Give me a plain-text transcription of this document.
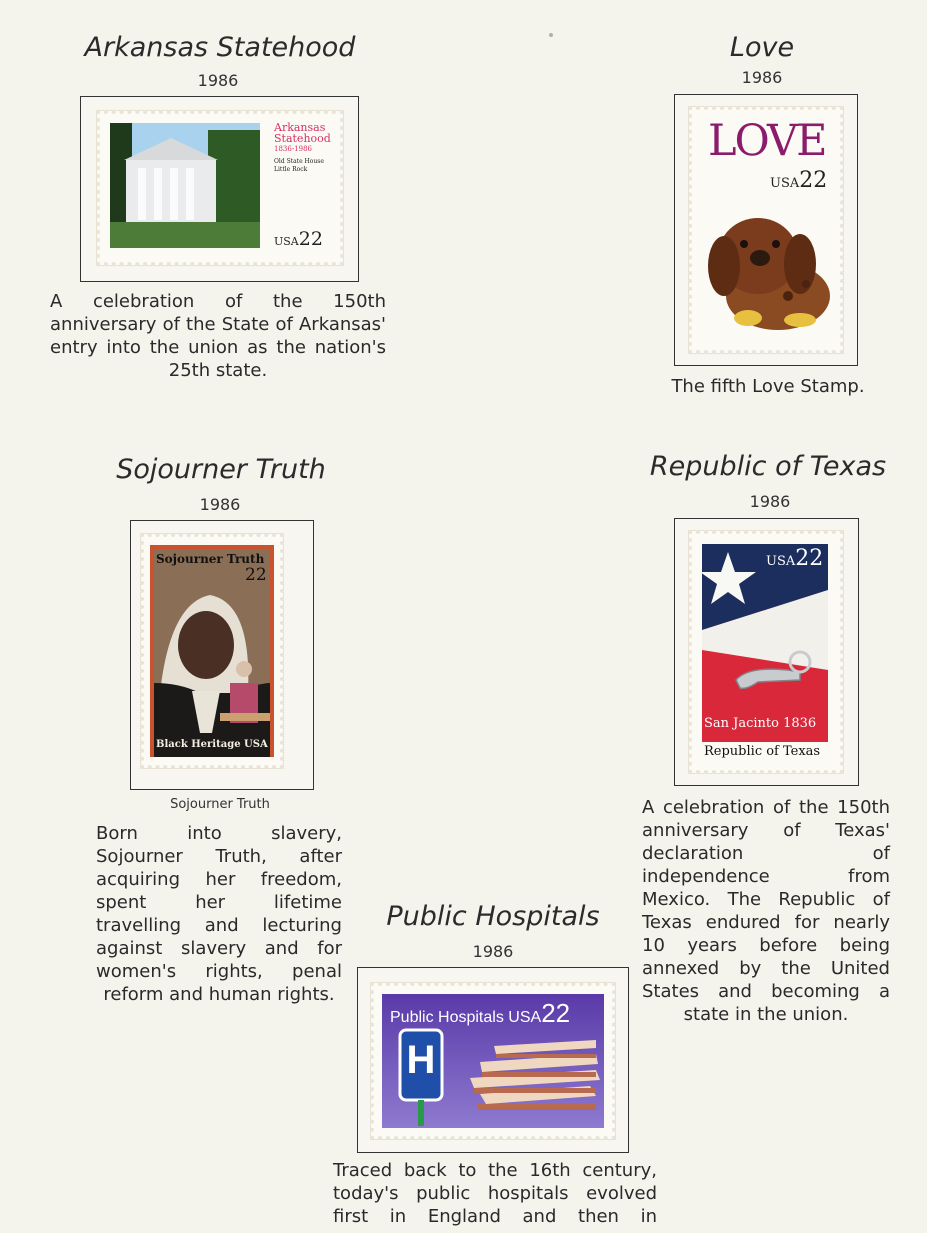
Arkansas Statehood
1986
Arkansas Statehood
1836-1986
Old State House
Little Rock
USA22
A celebration of the 150th anniversary of the State of Arkansas' entry into the union as the nation's 25th state.
Love
1986
LOVE
USA22
The fifth Love Stamp.
Sojourner Truth
1986
Sojourner Truth
22
Black Heritage USA
Sojourner Truth
Born into slavery, Sojourner Truth, after acquiring her freedom, spent her lifetime travelling and lecturing against slavery and for women's rights, penal reform and human rights.
Republic of Texas
1986
USA22
San Jacinto 1836
Republic of Texas
A celebration of the 150th anniversary of Texas' declaration of independence from Mexico. The Republic of Texas endured for nearly 10 years before being annexed by the United States and becoming a state in the union.
Public Hospitals
1986
H
Public Hospitals USA22
Traced back to the 16th century, today's public hospitals evolved first in England and then in
